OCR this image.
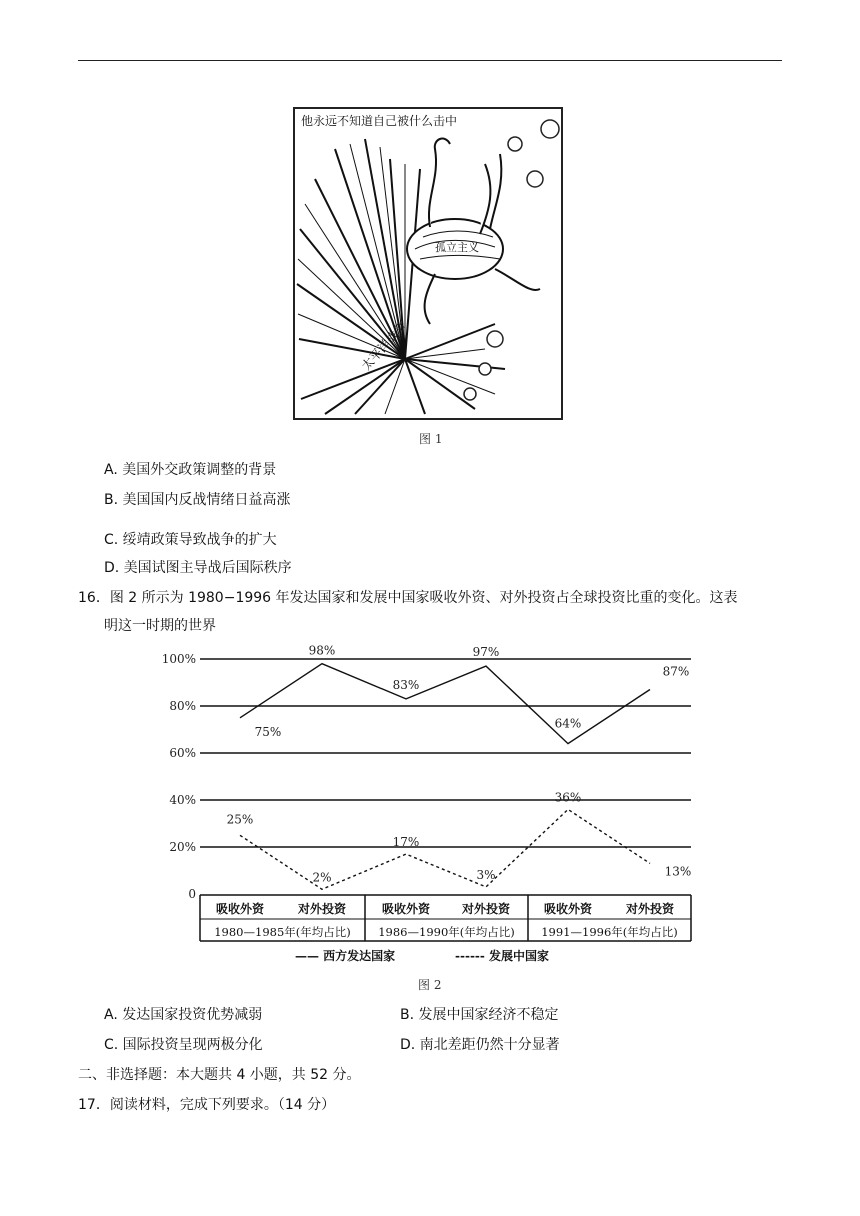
他永远不知道自己被什么击中
孤立主义
太平洋战争
图 1
A. 美国外交政策调整的背景
B. 美国国内反战情绪日益高涨
C. 绥靖政策导致战争的扩大
D. 美国试图主导战后国际秩序
16．图 2 所示为 1980−1996 年发达国家和发展中国家吸收外资、对外投资占全球投资比重的变化。这表
明这一时期的世界
100%
80%
60%
40%
20%
0
吸收外资	对外投资	吸收外资	对外投资	吸收外资	对外投资
1980—1985年(年均占比) 1986—1990年(年均占比) 1991—1996年(年均占比)
75%
98%
83%
97%
64%
87%
25%
2%
17%
3%
36%
13%
—— 西方发达国家	------ 发展中国家
图 2
A. 发达国家投资优势减弱	B. 发展中国家经济不稳定
C. 国际投资呈现两极分化	D. 南北差距仍然十分显著
二、非选择题：本大题共 4 小题，共 52 分。
17．阅读材料，完成下列要求。（14 分）
